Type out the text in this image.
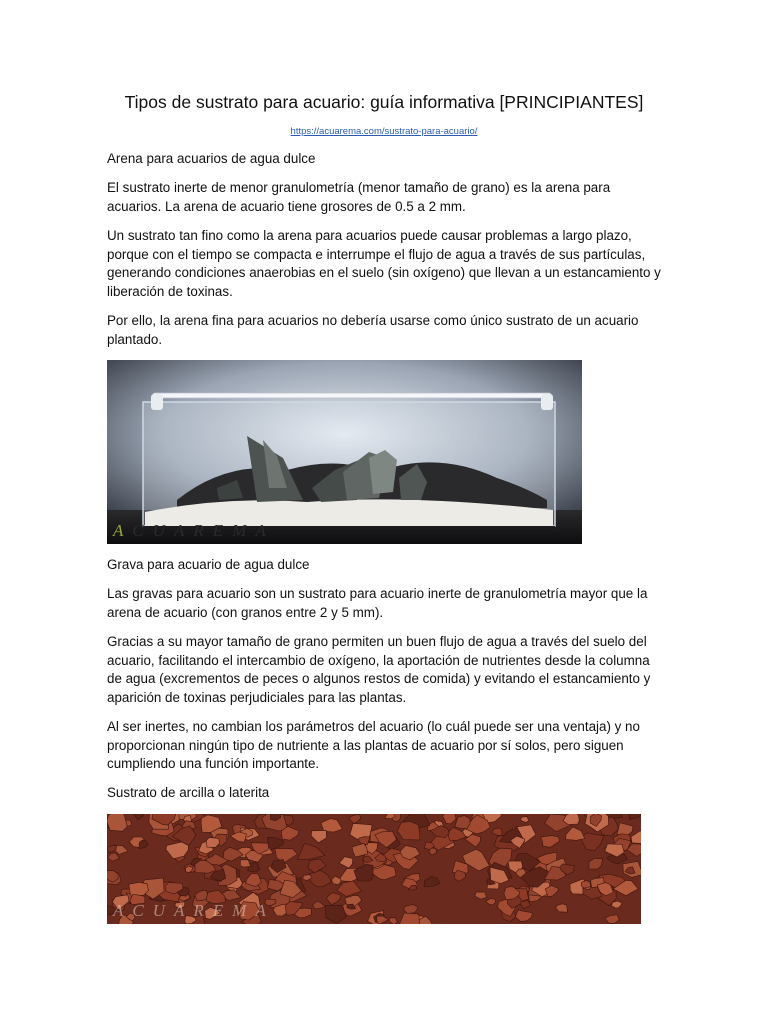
Tipos de sustrato para acuario: guía informativa [PRINCIPIANTES]
https://acuarema.com/sustrato-para-acuario/

Arena para acuarios de agua dulce

El sustrato inerte de menor granulometría (menor tamaño de grano) es la arena para acuarios. La arena de acuario tiene grosores de 0.5 a 2 mm.

Un sustrato tan fino como la arena para acuarios puede causar problemas a largo plazo, porque con el tiempo se compacta e interrumpe el flujo de agua a través de sus partículas, generando condiciones anaerobias en el suelo (sin oxígeno) que llevan a un estancamiento y liberación de toxinas.

Por ello, la arena fina para acuarios no debería usarse como único sustrato de un acuario plantado.

ACUAREMA

Grava para acuario de agua dulce

Las gravas para acuario son un sustrato para acuario inerte de granulometría mayor que la arena de acuario (con granos entre 2 y 5 mm).

Gracias a su mayor tamaño de grano permiten un buen flujo de agua a través del suelo del acuario, facilitando el intercambio de oxígeno, la aportación de nutrientes desde la columna de agua (excrementos de peces o algunos restos de comida) y evitando el estancamiento y aparición de toxinas perjudiciales para las plantas.

Al ser inertes, no cambian los parámetros del acuario (lo cuál puede ser una ventaja) y no proporcionan ningún tipo de nutriente a las plantas de acuario por sí solos, pero siguen cumpliendo una función importante.

Sustrato de arcilla o laterita

ACUAREMA
